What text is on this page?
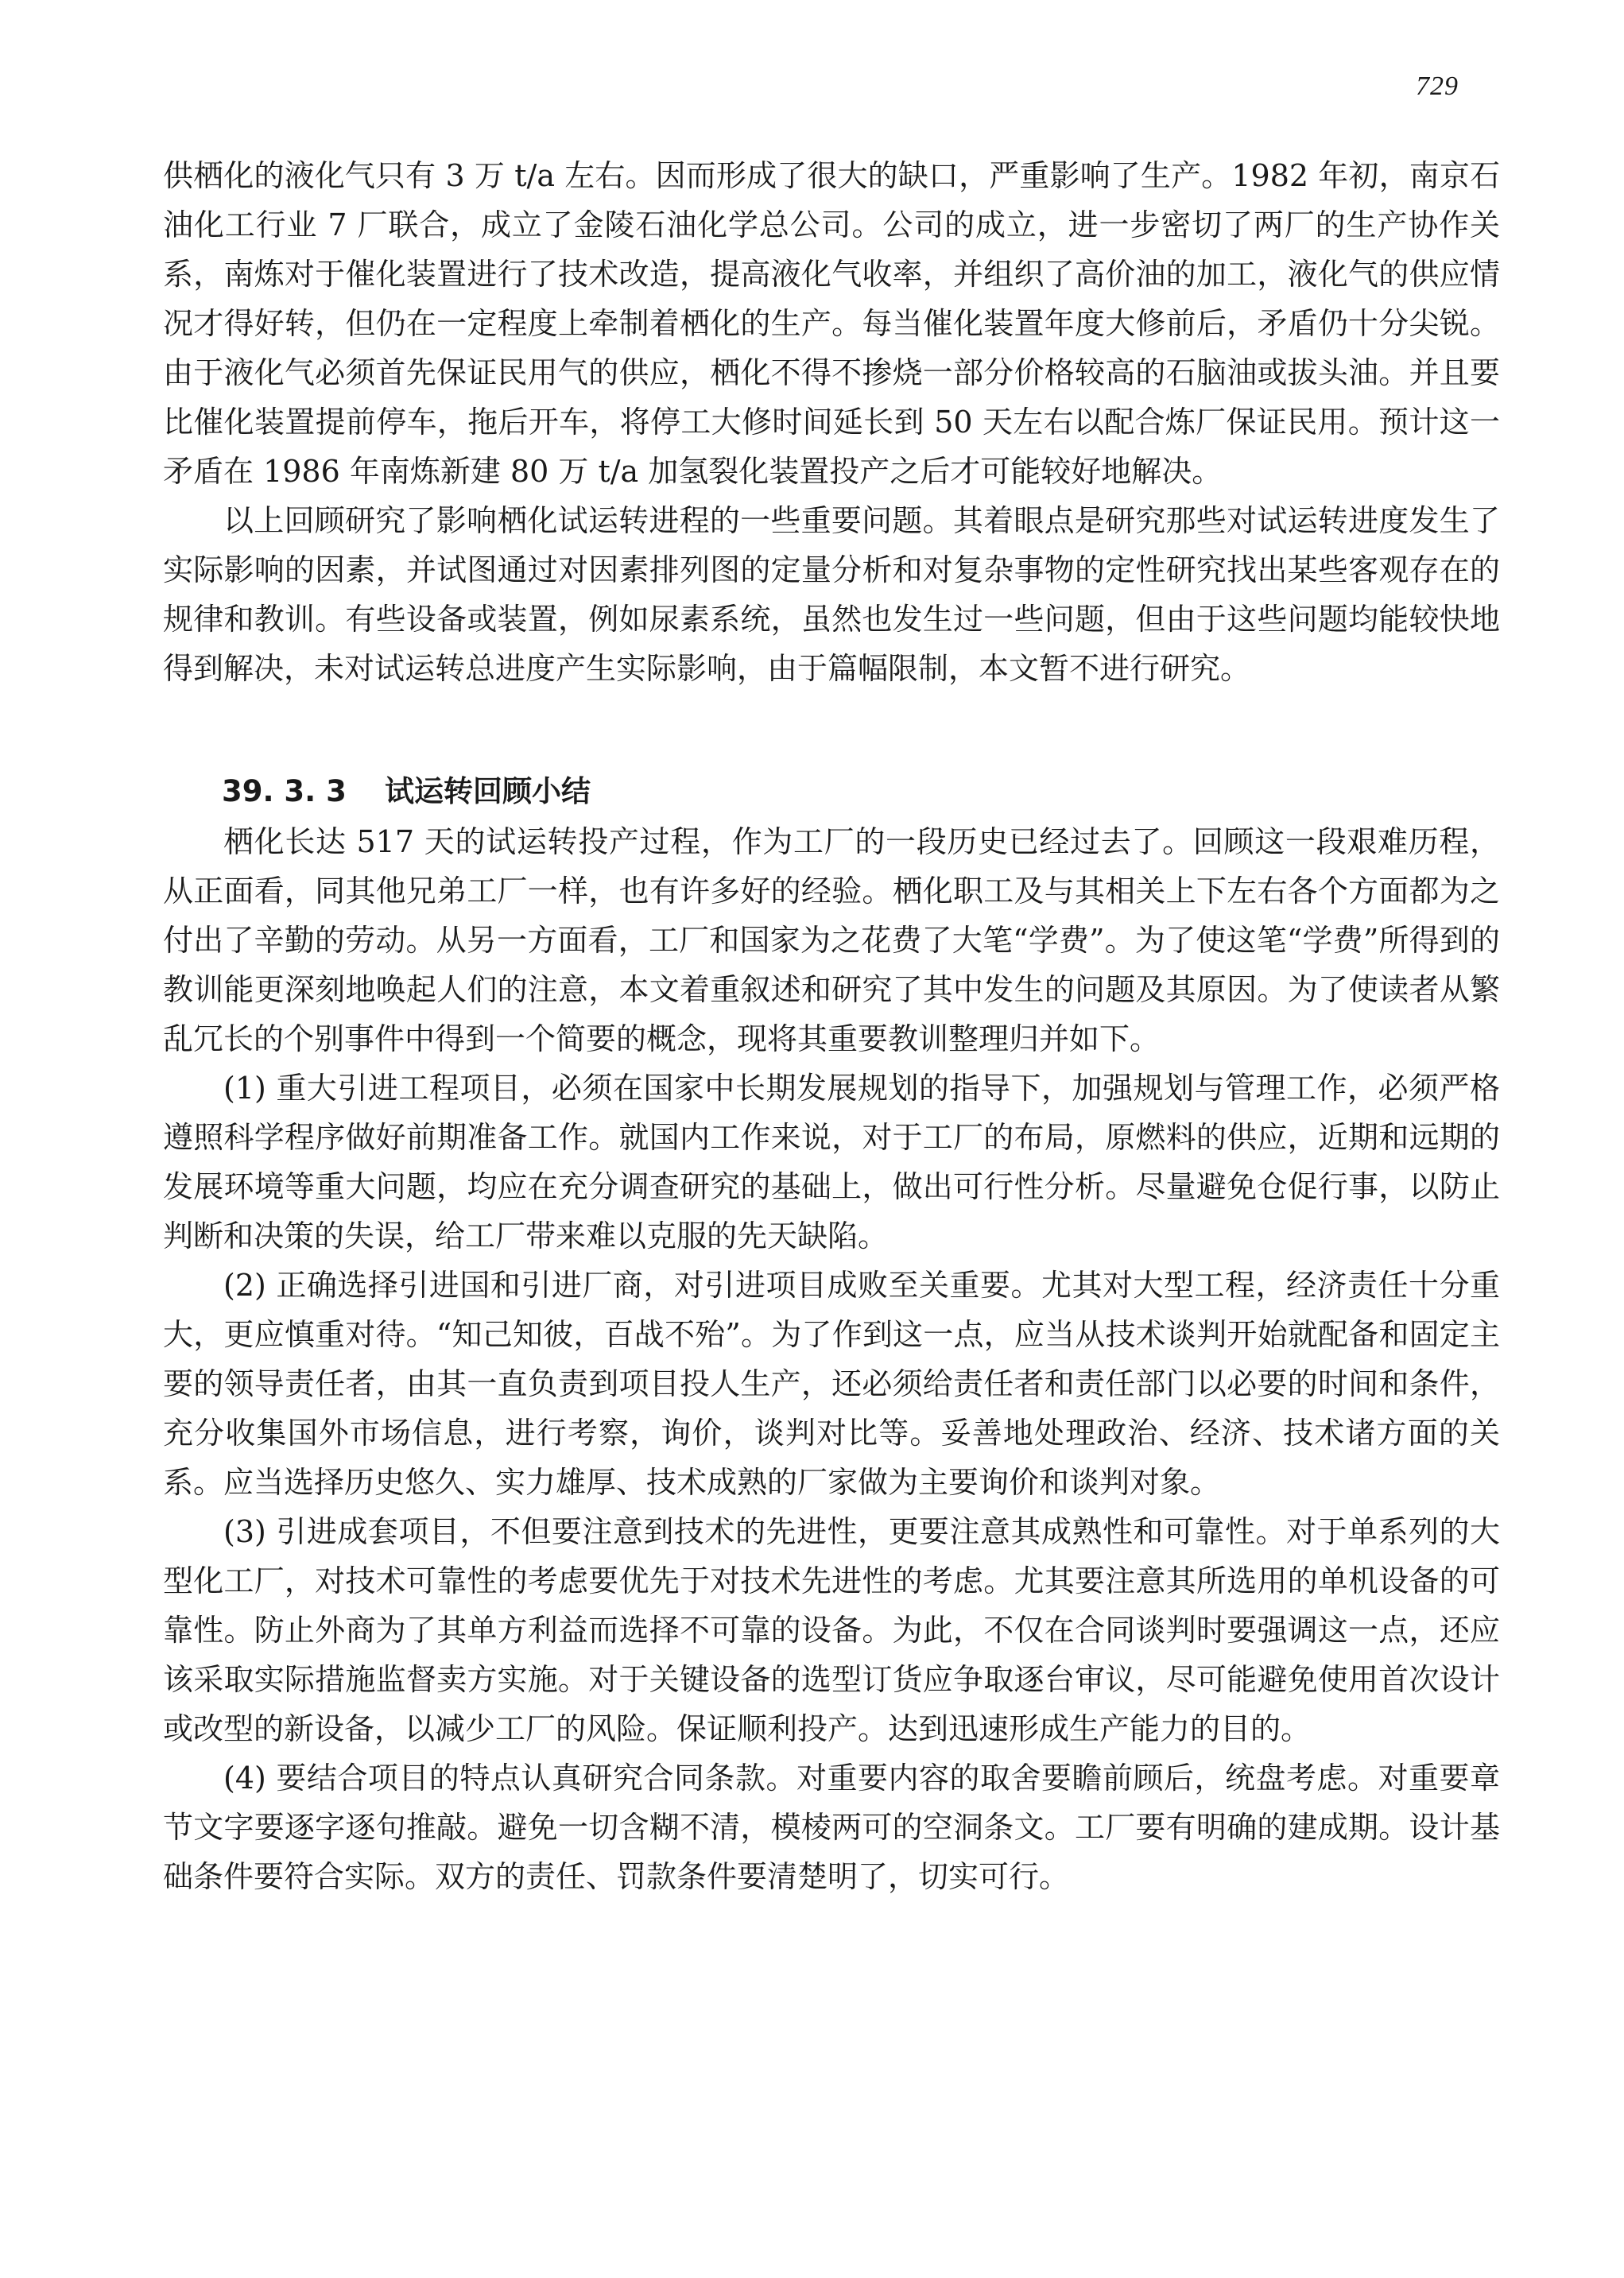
729

供栖化的液化气只有 3 万 t/a 左右。因而形成了很大的缺口，严重影响了生产。1982 年初，南京石油化工行业 7 厂联合，成立了金陵石油化学总公司。公司的成立，进一步密切了两厂的生产协作关系，南炼对于催化装置进行了技术改造，提高液化气收率，并组织了高价油的加工，液化气的供应情况才得好转，但仍在一定程度上牵制着栖化的生产。每当催化装置年度大修前后，矛盾仍十分尖锐。由于液化气必须首先保证民用气的供应，栖化不得不掺烧一部分价格较高的石脑油或拔头油。并且要比催化装置提前停车，拖后开车，将停工大修时间延长到 50 天左右以配合炼厂保证民用。预计这一矛盾在 1986 年南炼新建 80 万 t/a 加氢裂化装置投产之后才可能较好地解决。

以上回顾研究了影响栖化试运转进程的一些重要问题。其着眼点是研究那些对试运转进度发生了实际影响的因素，并试图通过对因素排列图的定量分析和对复杂事物的定性研究找出某些客观存在的规律和教训。有些设备或装置，例如尿素系统，虽然也发生过一些问题，但由于这些问题均能较快地得到解决，未对试运转总进度产生实际影响，由于篇幅限制，本文暂不进行研究。

39. 3. 3 试运转回顾小结

栖化长达 517 天的试运转投产过程，作为工厂的一段历史已经过去了。回顾这一段艰难历程，从正面看，同其他兄弟工厂一样，也有许多好的经验。栖化职工及与其相关上下左右各个方面都为之付出了辛勤的劳动。从另一方面看，工厂和国家为之花费了大笔“学费”。为了使这笔“学费”所得到的教训能更深刻地唤起人们的注意，本文着重叙述和研究了其中发生的问题及其原因。为了使读者从繁乱冗长的个别事件中得到一个简要的概念，现将其重要教训整理归并如下。

(1) 重大引进工程项目，必须在国家中长期发展规划的指导下，加强规划与管理工作，必须严格遵照科学程序做好前期准备工作。就国内工作来说，对于工厂的布局，原燃料的供应，近期和远期的发展环境等重大问题，均应在充分调查研究的基础上，做出可行性分析。尽量避免仓促行事，以防止判断和决策的失误，给工厂带来难以克服的先天缺陷。

(2) 正确选择引进国和引进厂商，对引进项目成败至关重要。尤其对大型工程，经济责任十分重大，更应慎重对待。“知己知彼，百战不殆”。为了作到这一点，应当从技术谈判开始就配备和固定主要的领导责任者，由其一直负责到项目投人生产，还必须给责任者和责任部门以必要的时间和条件，充分收集国外市场信息，进行考察，询价，谈判对比等。妥善地处理政治、经济、技术诸方面的关系。应当选择历史悠久、实力雄厚、技术成熟的厂家做为主要询价和谈判对象。

(3) 引进成套项目，不但要注意到技术的先进性，更要注意其成熟性和可靠性。对于单系列的大型化工厂，对技术可靠性的考虑要优先于对技术先进性的考虑。尤其要注意其所选用的单机设备的可靠性。防止外商为了其单方利益而选择不可靠的设备。为此，不仅在合同谈判时要强调这一点，还应该采取实际措施监督卖方实施。对于关键设备的选型订货应争取逐台审议，尽可能避免使用首次设计或改型的新设备，以减少工厂的风险。保证顺利投产。达到迅速形成生产能力的目的。

(4) 要结合项目的特点认真研究合同条款。对重要内容的取舍要瞻前顾后，统盘考虑。对重要章节文字要逐字逐句推敲。避免一切含糊不清，模棱两可的空洞条文。工厂要有明确的建成期。设计基础条件要符合实际。双方的责任、罚款条件要清楚明了，切实可行。
